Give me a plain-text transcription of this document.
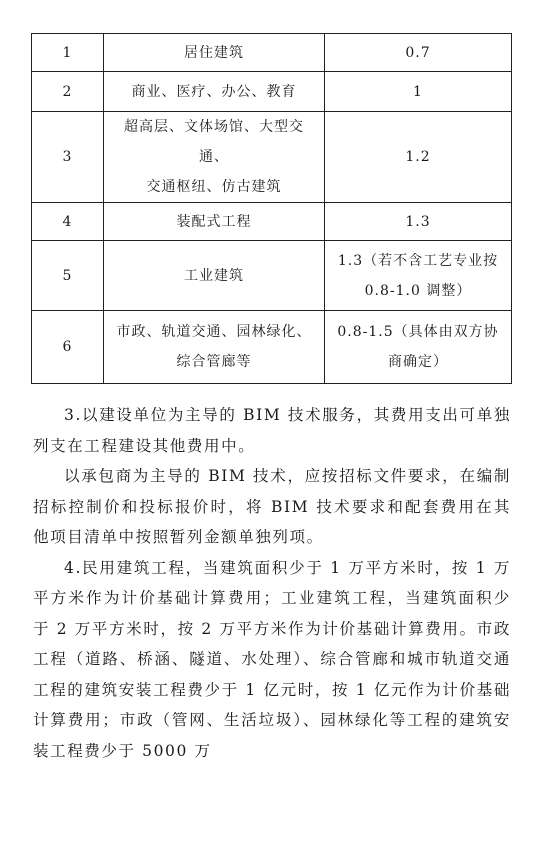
1	居住建筑	0.7

2	商业、医疗、办公、教育	1

3	超高层、文体场馆、大型交通、
交通枢纽、仿古建筑	1.2

4	装配式工程	1.3

5	工业建筑	1.3（若不含工艺专业按
0.8-1.0 调整）

6	市政、轨道交通、园林绿化、
综合管廊等	0.8-1.5（具体由双方协
商确定）

3.以建设单位为主导的 BIM 技术服务，其费用支出可单独列支在工程建设其他费用中。

以承包商为主导的 BIM 技术，应按招标文件要求，在编制招标控制价和投标报价时，将 BIM 技术要求和配套费用在其他项目清单中按照暂列金额单独列项。

4.民用建筑工程，当建筑面积少于 1 万平方米时，按 1 万平方米作为计价基础计算费用；工业建筑工程，当建筑面积少于 2 万平方米时，按 2 万平方米作为计价基础计算费用。市政工程（道路、桥涵、隧道、水处理）、综合管廊和城市轨道交通工程的建筑安装工程费少于 1 亿元时，按 1 亿元作为计价基础计算费用；市政（管网、生活垃圾）、园林绿化等工程的建筑安装工程费少于 5000 万
